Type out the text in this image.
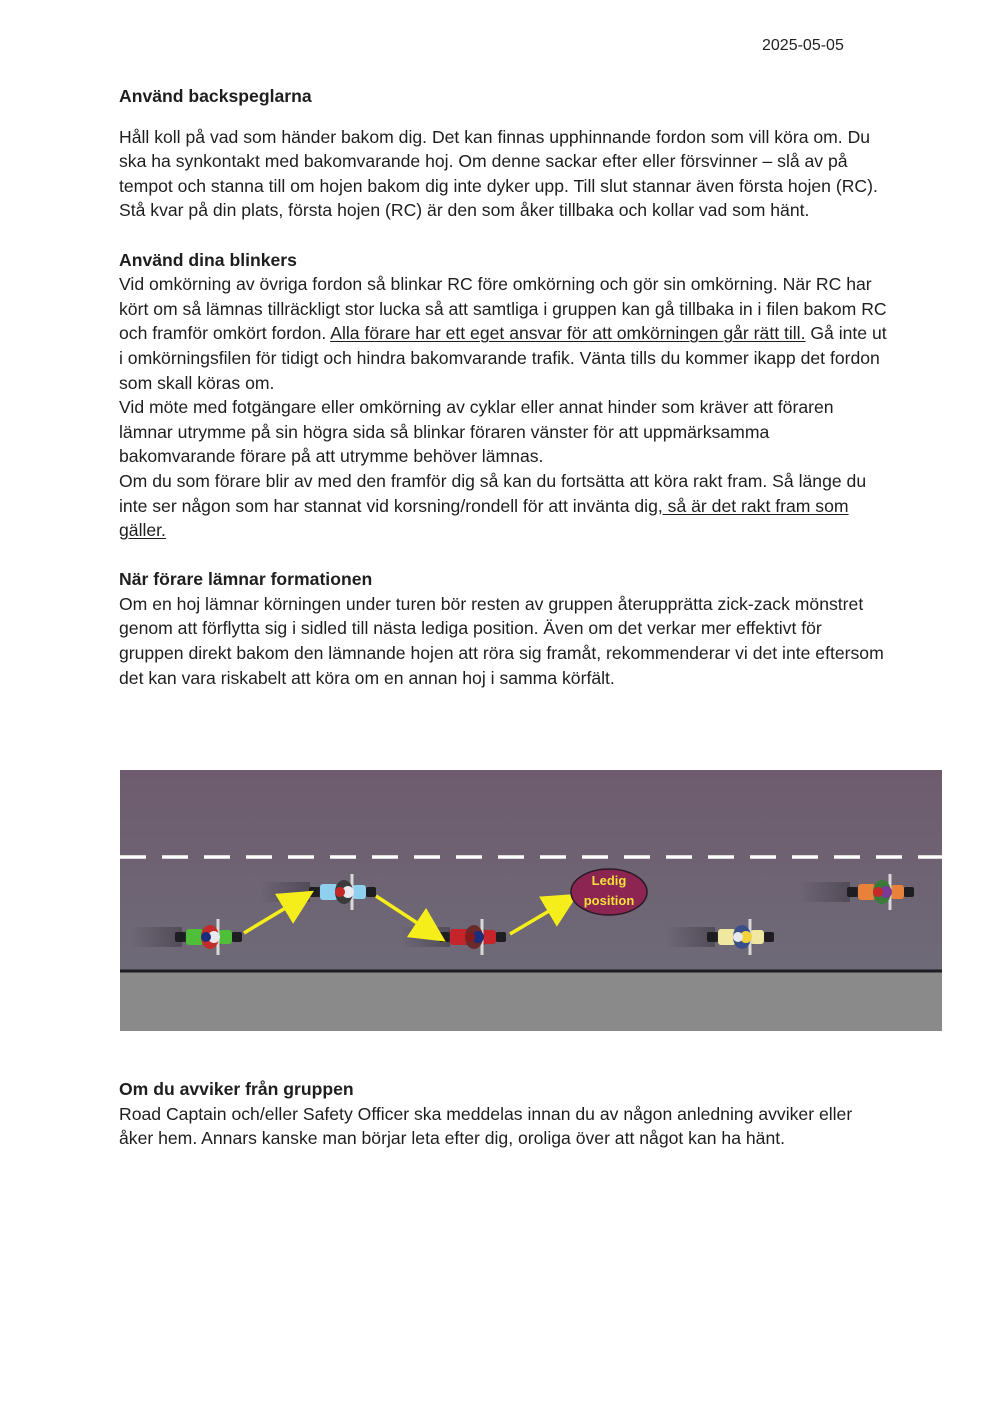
2025-05-05
Använd backspeglarna

Håll koll på vad som händer bakom dig. Det kan finnas upphinnande fordon som vill köra om. Du ska ha synkontakt med bakomvarande hoj. Om denne sackar efter eller försvinner – slå av på tempot och stanna till om hojen bakom dig inte dyker upp. Till slut stannar även första hojen (RC). Stå kvar på din plats, första hojen (RC) är den som åker tillbaka och kollar vad som hänt.

Använd dina blinkers

Vid omkörning av övriga fordon så blinkar RC före omkörning och gör sin omkörning. När RC har kört om så lämnas tillräckligt stor lucka så att samtliga i gruppen kan gå tillbaka in i filen bakom RC och framför omkört fordon. Alla förare har ett eget ansvar för att omkörningen går rätt till. Gå inte ut i omkörningsfilen för tidigt och hindra bakomvarande trafik. Vänta tills du kommer ikapp det fordon som skall köras om.

Vid möte med fotgängare eller omkörning av cyklar eller annat hinder som kräver att föraren lämnar utrymme på sin högra sida så blinkar föraren vänster för att uppmärksamma bakomvarande förare på att utrymme behöver lämnas.

Om du som förare blir av med den framför dig så kan du fortsätta att köra rakt fram. Så länge du inte ser någon som har stannat vid korsning/rondell för att invänta dig, så är det rakt fram som gäller.

När förare lämnar formationen

Om en hoj lämnar körningen under turen bör resten av gruppen återupprätta zick-zack mönstret genom att förflytta sig i sidled till nästa lediga position. Även om det verkar mer effektivt för gruppen direkt bakom den lämnande hojen att röra sig framåt, rekommenderar vi det inte eftersom det kan vara riskabelt att köra om en annan hoj i samma körfält.

Ledig
position
Om du avviker från gruppen

Road Captain och/eller Safety Officer ska meddelas innan du av någon anledning avviker eller åker hem. Annars kanske man börjar leta efter dig, oroliga över att något kan ha hänt.
